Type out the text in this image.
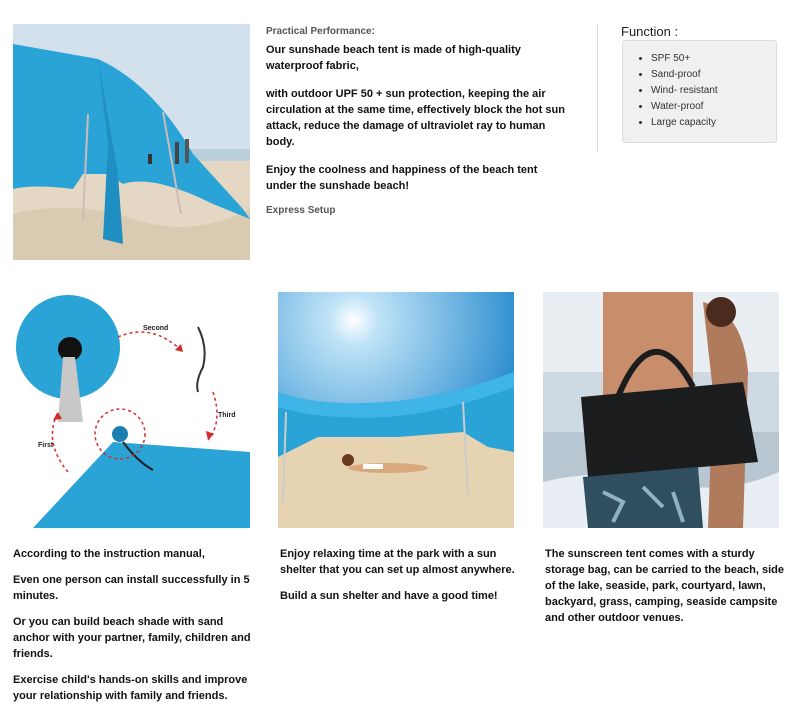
Practical Performance:

Our sunshade beach tent is made of high-quality waterproof fabric,

with outdoor UPF 50 + sun protection, keeping the air circulation at the same time, effectively block the hot sun attack, reduce the damage of ultraviolet ray to human body.

Enjoy the coolness and happiness of the beach tent under the sunshade beach!

Express Setup
Function :
• SPF 50+
• Sand-proof
• Wind- resistant
• Water-proof
• Large capacity
Second
Third
First

According to the instruction manual,

Even one person can install successfully in 5 minutes.

Or you can build beach shade with sand anchor with your partner, family, children and friends.

Exercise child's hands-on skills and improve your relationship with family and friends.

Enjoy relaxing time at the park with a sun shelter that you can set up almost anywhere.

Build a sun shelter and have a good time!

The sunscreen tent comes with a sturdy storage bag, can be carried to the beach, side of the lake, seaside, park, courtyard, lawn, backyard, grass, camping, seaside campsite and other outdoor venues.
